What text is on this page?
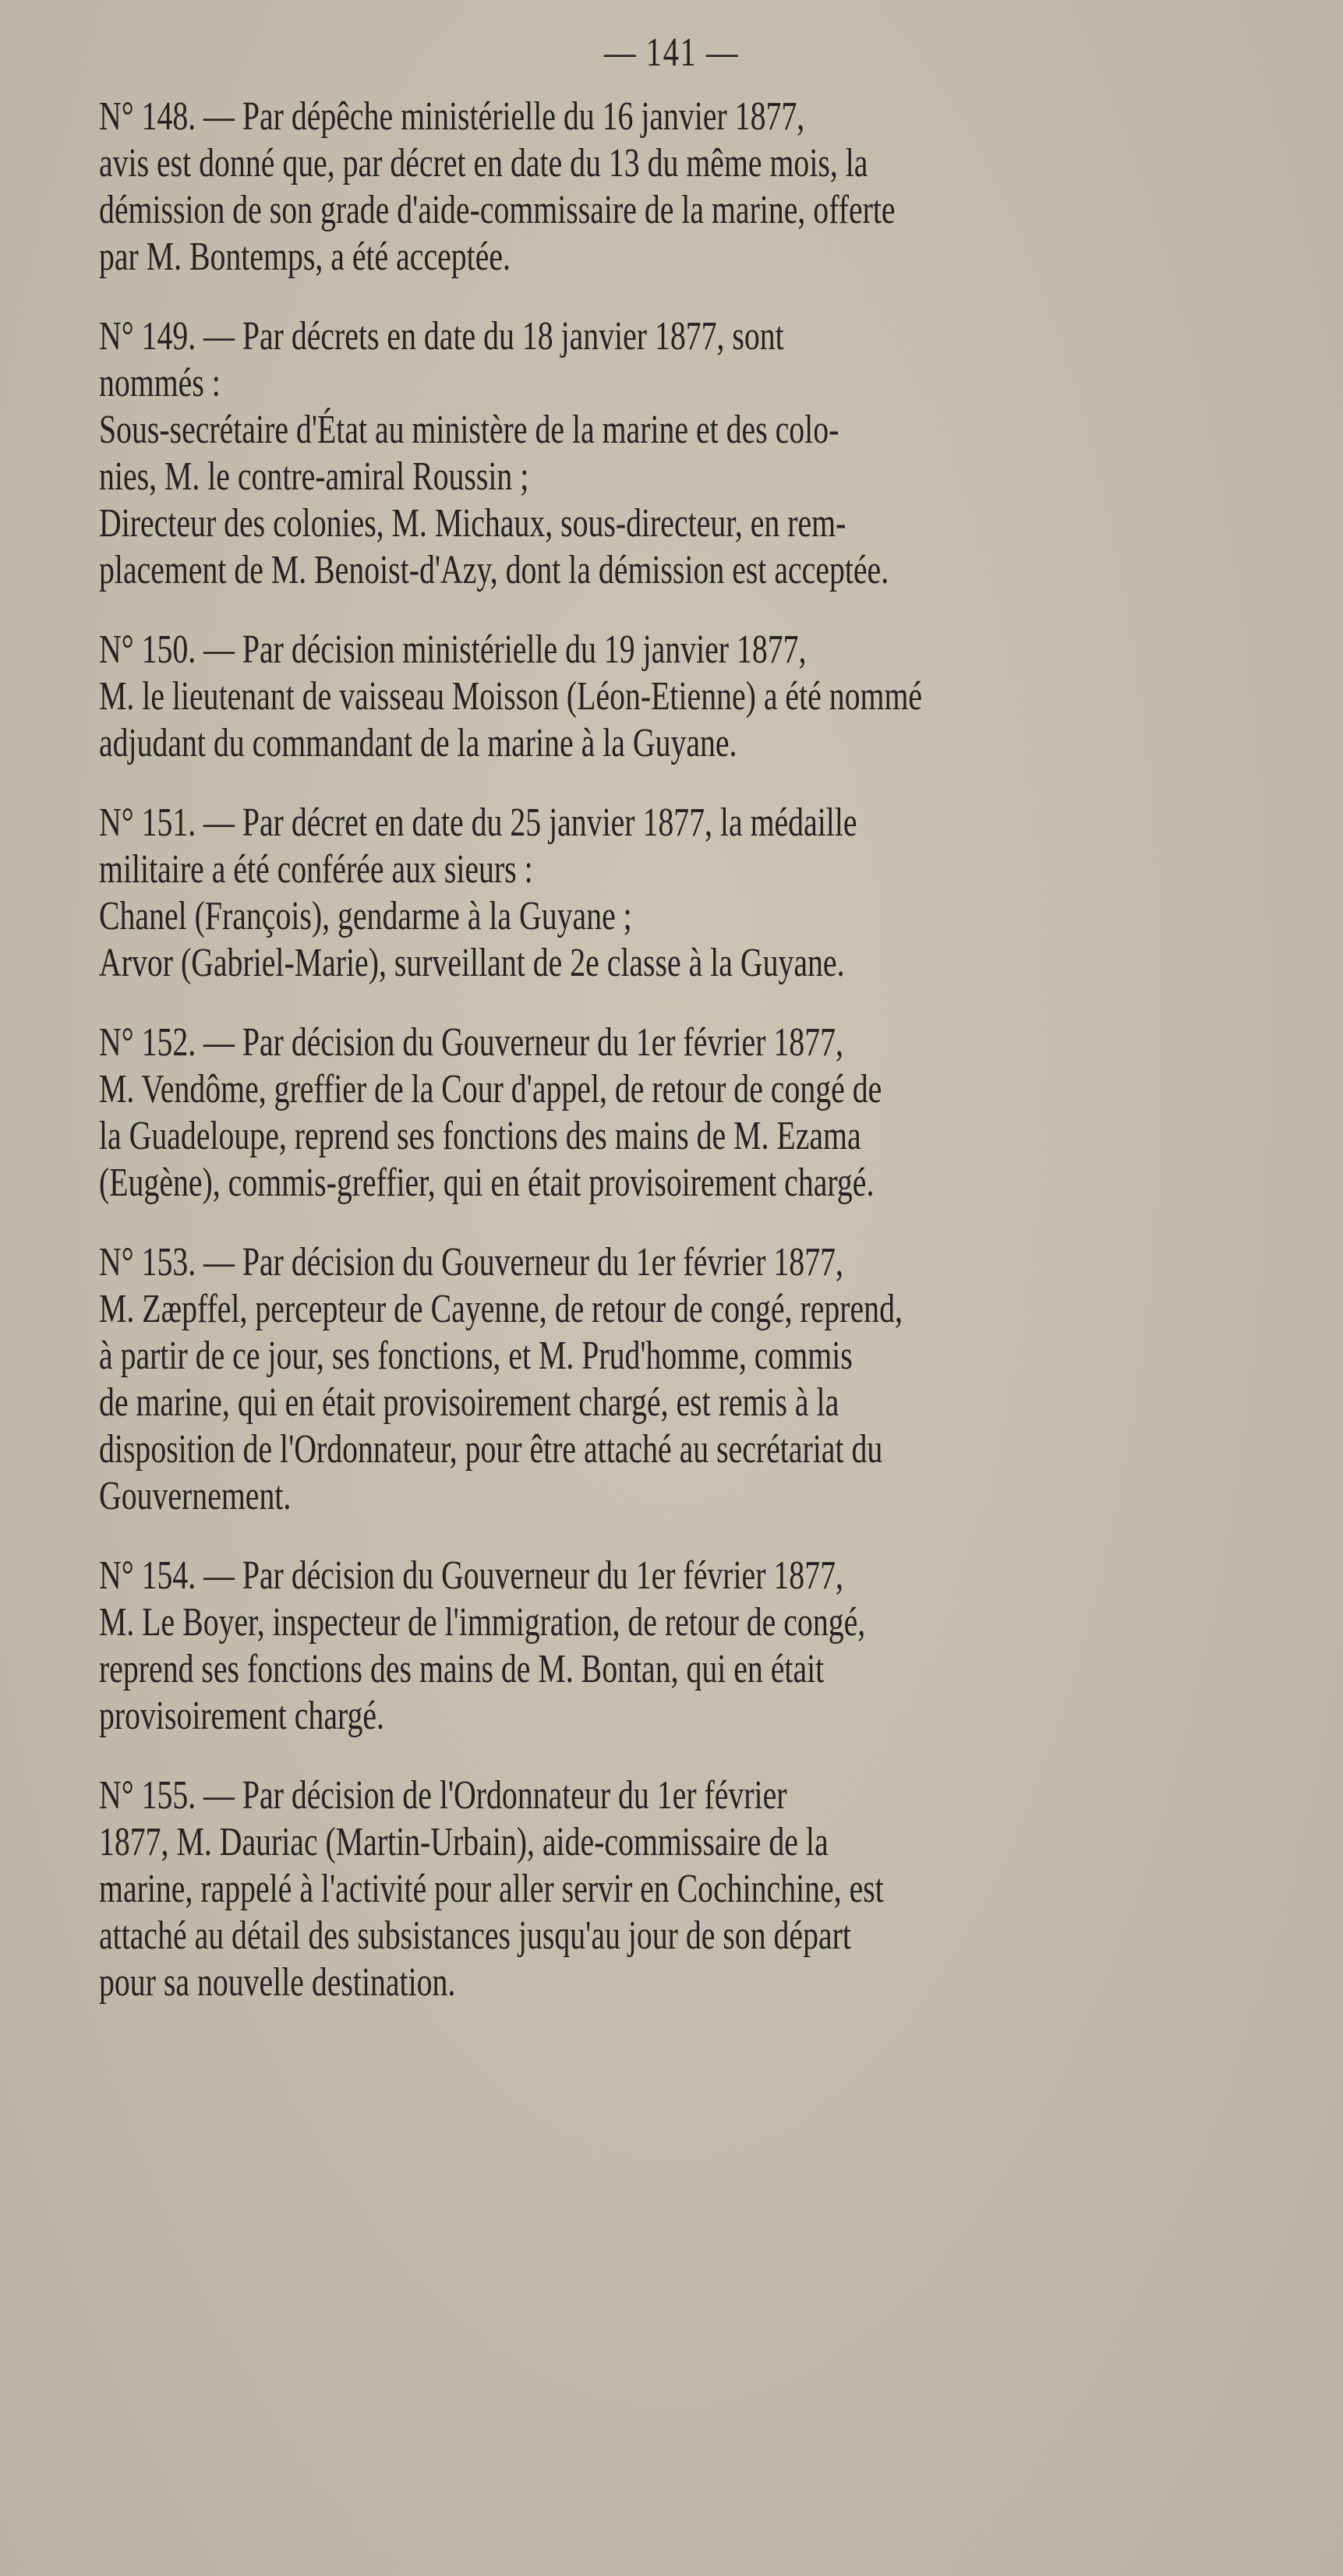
— 141 —
N° 148. — Par dépêche ministérielle du 16 janvier 1877,
avis est donné que, par décret en date du 13 du même mois, la
démission de son grade d'aide-commissaire de la marine, offerte
par M. Bontemps, a été acceptée.
N° 149. — Par décrets en date du 18 janvier 1877, sont
nommés :
Sous-secrétaire d'État au ministère de la marine et des colo-
nies, M. le contre-amiral Roussin ;
Directeur des colonies, M. Michaux, sous-directeur, en rem-
placement de M. Benoist-d'Azy, dont la démission est acceptée.
N° 150. — Par décision ministérielle du 19 janvier 1877,
M. le lieutenant de vaisseau Moisson (Léon-Etienne) a été nommé
adjudant du commandant de la marine à la Guyane.
N° 151. — Par décret en date du 25 janvier 1877, la médaille
militaire a été conférée aux sieurs :
Chanel (François), gendarme à la Guyane ;
Arvor (Gabriel-Marie), surveillant de 2e classe à la Guyane.
N° 152. — Par décision du Gouverneur du 1er février 1877,
M. Vendôme, greffier de la Cour d'appel, de retour de congé de
la Guadeloupe, reprend ses fonctions des mains de M. Ezama
(Eugène), commis-greffier, qui en était provisoirement chargé.
N° 153. — Par décision du Gouverneur du 1er février 1877,
M. Zæpffel, percepteur de Cayenne, de retour de congé, reprend,
à partir de ce jour, ses fonctions, et M. Prud'homme, commis
de marine, qui en était provisoirement chargé, est remis à la
disposition de l'Ordonnateur, pour être attaché au secrétariat du
Gouvernement.
N° 154. — Par décision du Gouverneur du 1er février 1877,
M. Le Boyer, inspecteur de l'immigration, de retour de congé,
reprend ses fonctions des mains de M. Bontan, qui en était
provisoirement chargé.
N° 155. — Par décision de l'Ordonnateur du 1er février
1877, M. Dauriac (Martin-Urbain), aide-commissaire de la
marine, rappelé à l'activité pour aller servir en Cochinchine, est
attaché au détail des subsistances jusqu'au jour de son départ
pour sa nouvelle destination.
